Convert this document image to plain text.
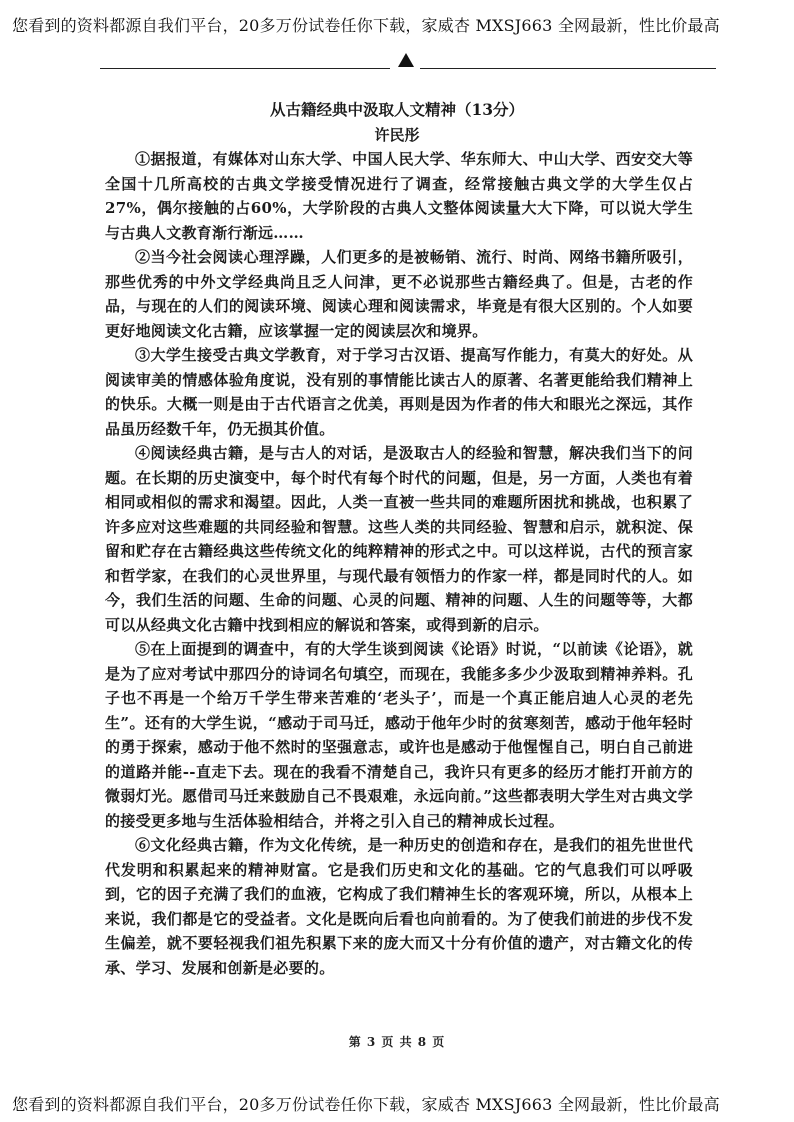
您看到的资料都源自我们平台，20多万份试卷任你下载，家威杏 MXSJ663 全网最新，性比价最高
从古籍经典中汲取人文精神（13分）
许民彤

①据报道，有媒体对山东大学、中国人民大学、华东师大、中山大学、西安交大等全国十几所高校的古典文学接受情况进行了调查，经常接触古典文学的大学生仅占27%，偶尔接触的占60%，大学阶段的古典人文整体阅读量大大下降，可以说大学生与古典人文教育渐行渐远……

②当今社会阅读心理浮躁，人们更多的是被畅销、流行、时尚、网络书籍所吸引，那些优秀的中外文学经典尚且乏人问津，更不必说那些古籍经典了。但是，古老的作品，与现在的人们的阅读环境、阅读心理和阅读需求，毕竟是有很大区别的。个人如要更好地阅读文化古籍，应该掌握一定的阅读层次和境界。

③大学生接受古典文学教育，对于学习古汉语、提高写作能力，有莫大的好处。从阅读审美的情感体验角度说，没有别的事情能比读古人的原著、名著更能给我们精神上的快乐。大概一则是由于古代语言之优美，再则是因为作者的伟大和眼光之深远，其作品虽历经数千年，仍无损其价值。

④阅读经典古籍，是与古人的对话，是汲取古人的经验和智慧，解决我们当下的问题。在长期的历史演变中，每个时代有每个时代的问题，但是，另一方面，人类也有着相同或相似的需求和渴望。因此，人类一直被一些共同的难题所困扰和挑战，也积累了许多应对这些难题的共同经验和智慧。这些人类的共同经验、智慧和启示，就积淀、保留和贮存在古籍经典这些传统文化的纯粹精神的形式之中。可以这样说，古代的预言家和哲学家，在我们的心灵世界里，与现代最有领悟力的作家一样，都是同时代的人。如今，我们生活的问题、生命的问题、心灵的问题、精神的问题、人生的问题等等，大都可以从经典文化古籍中找到相应的解说和答案，或得到新的启示。

⑤在上面提到的调查中，有的大学生谈到阅读《论语》时说，“以前读《论语》，就是为了应对考试中那四分的诗词名句填空，而现在，我能多多少少汲取到精神养料。孔子也不再是一个给万千学生带来苦难的‘老头子’，而是一个真正能启迪人心灵的老先生”。还有的大学生说，“感动于司马迁，感动于他年少时的贫寒刻苦，感动于他年轻时的勇于探索，感动于他不然时的坚强意志，或许也是感动于他惺惺自己，明白自己前进的道路并能--直走下去。现在的我看不清楚自己，我许只有更多的经历才能打开前方的微弱灯光。愿借司马迁来鼓励自己不畏艰难，永远向前。”这些都表明大学生对古典文学的接受更多地与生活体验相结合，并将之引入自己的精神成长过程。

⑥文化经典古籍，作为文化传统，是一种历史的创造和存在，是我们的祖先世世代代发明和积累起来的精神财富。它是我们历史和文化的基础。它的气息我们可以呼吸到，它的因子充满了我们的血液，它构成了我们精神生长的客观环境，所以，从根本上来说，我们都是它的受益者。文化是既向后看也向前看的。为了使我们前进的步伐不发生偏差，就不要轻视我们祖先积累下来的庞大而又十分有价值的遗产，对古籍文化的传承、学习、发展和创新是必要的。

第 3 页 共 8 页
您看到的资料都源自我们平台，20多万份试卷任你下载，家威杏 MXSJ663 全网最新，性比价最高
